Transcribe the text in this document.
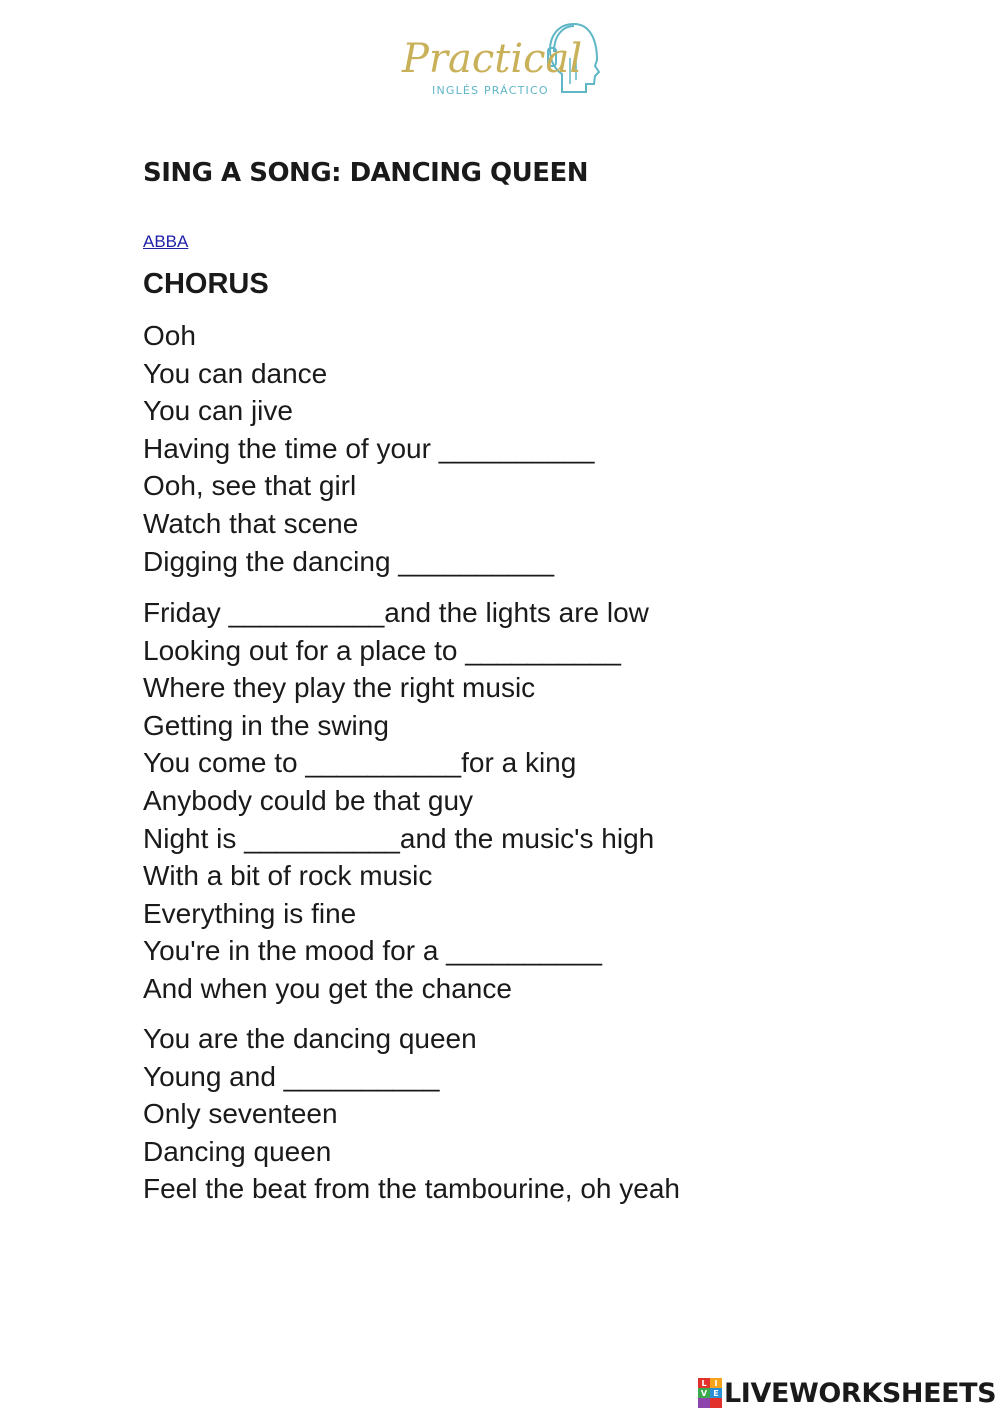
Practical
INGLÉS PRÁCTICO
SING A SONG: DANCING QUEEN
ABBA
CHORUS
Ooh
You can dance
You can jive
Having the time of your __________
Ooh, see that girl
Watch that scene
Digging the dancing __________
Friday __________and the lights are low
Looking out for a place to __________
Where they play the right music
Getting in the swing
You come to __________for a king
Anybody could be that guy
Night is __________and the music's high
With a bit of rock music
Everything is fine
You're in the mood for a __________
And when you get the chance
You are the dancing queen
Young and __________
Only seventeen
Dancing queen
Feel the beat from the tambourine, oh yeah
L I
V E LIVEWORKSHEETS
